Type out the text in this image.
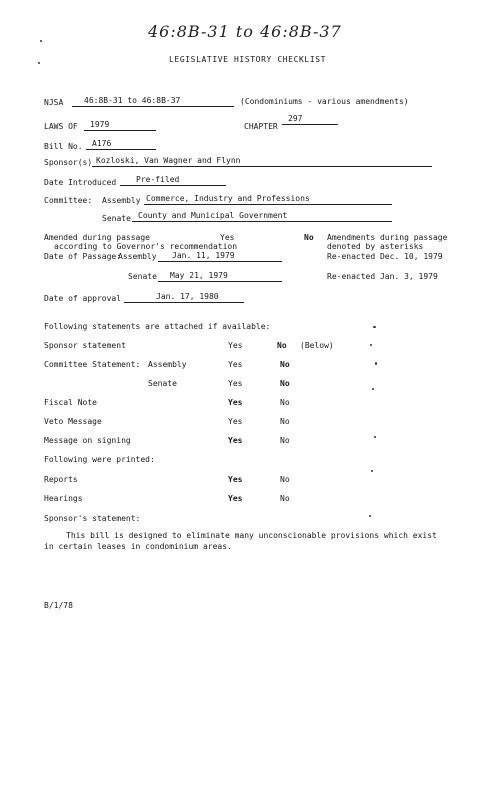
46:8B-31 to 46:8B-37
LEGISLATIVE HISTORY CHECKLIST
NJSA	46:8B-31 to 46:8B-37	(Condominiums - various amendments)
LAWS OF 1979	CHAPTER
297
Bill No. A176
Sponsor(s) Kozloski, Van Wagner and Flynn
Date Introduced Pre-filed
Committee: Assembly Commerce, Industry and Professions
Senate County and Municipal Government
Amended during passage
according to Governor's recommendation
Yes	No Amendments during passage
denoted by asterisks
Date of Passage:
Assembly Jan. 11, 1979	Re-enacted Dec. 10, 1979
Senate May 21, 1979	Re-enacted Jan. 3, 1979
Date of approval	Jan. 17, 1980
Following statements are attached if available:
Sponsor statement	Yes	No (Below)
Committee Statement: Assembly	Yes	No
Senate	Yes	No
Fiscal Note	Yes	No
Veto Message	Yes	No
Message on signing	Yes	No
Following were printed:
Reports	Yes	No
Hearings	Yes	No
Sponsor's statement:
This bill is designed to eliminate many unconscionable provisions which exist
in certain leases in condominium areas.
B/1/78
